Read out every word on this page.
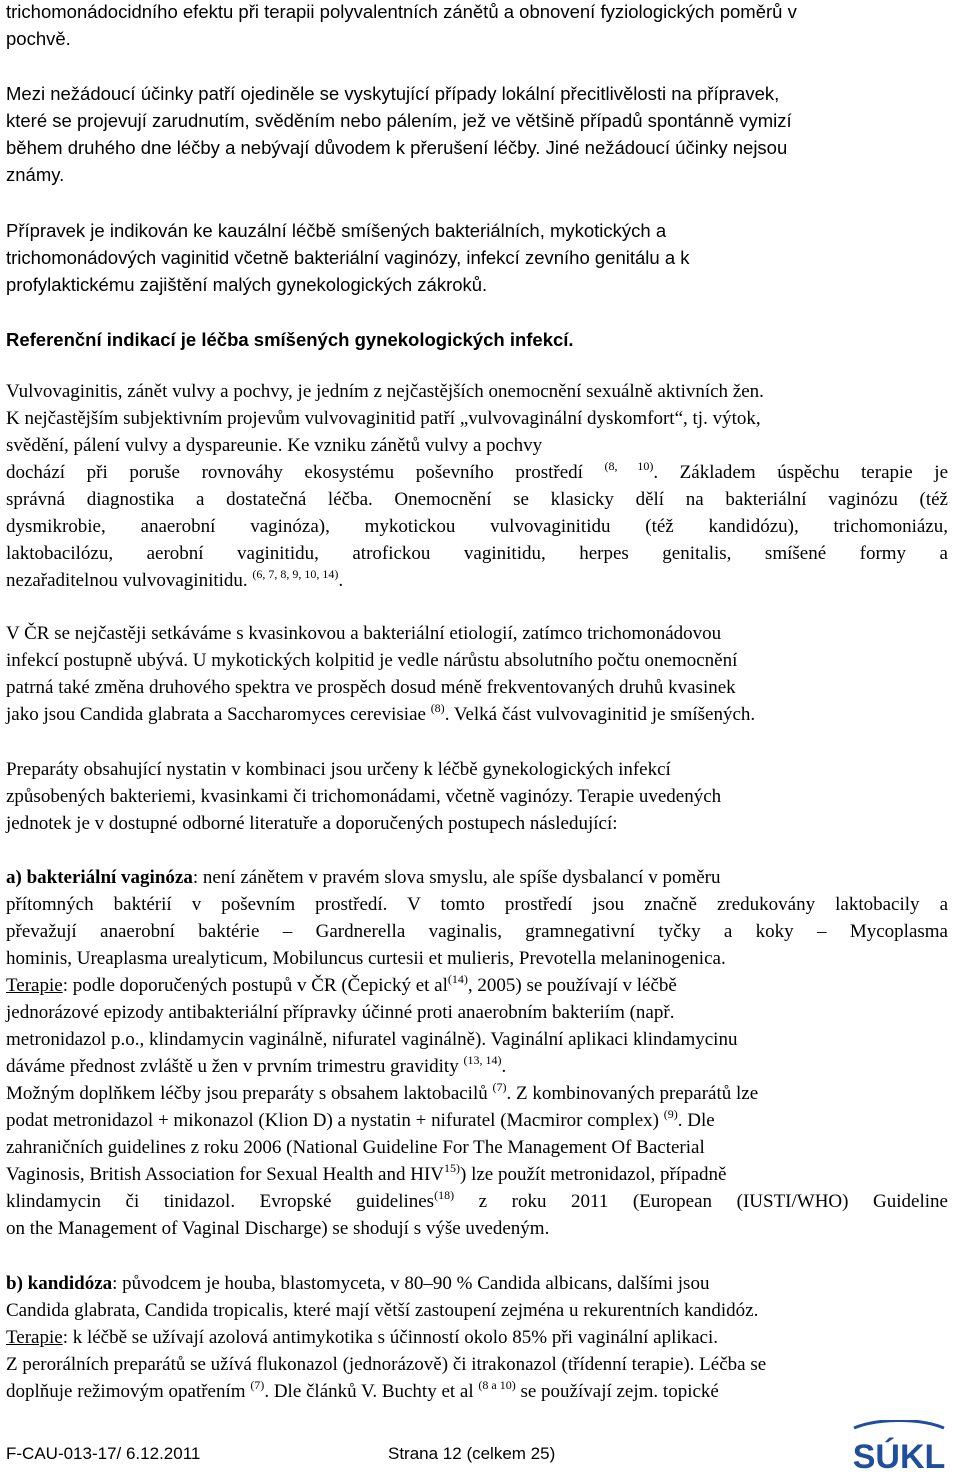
trichomonádocidního efektu při terapii polyvalentních zánětů a obnovení fyziologických poměrů v
pochvě.
Mezi nežádoucí účinky patří ojediněle se vyskytující případy lokální přecitlivělosti na přípravek,
které se projevují zarudnutím, svěděním nebo pálením, jež ve většině případů spontánně vymizí
během druhého dne léčby a nebývají důvodem k přerušení léčby. Jiné nežádoucí účinky nejsou
známy.
Přípravek je indikován ke kauzální léčbě smíšených bakteriálních, mykotických a
trichomonádových vaginitid včetně bakteriální vaginózy, infekcí zevního genitálu a k
profylaktickému zajištění malých gynekologických zákroků.
Referenční indikací je léčba smíšených gynekologických infekcí.
Vulvovaginitis, zánět vulvy a pochvy, je jedním z nejčastějších onemocnění sexuálně aktivních žen.
K nejčastějším subjektivním projevům vulvovaginitid patří „vulvovaginální dyskomfort“, tj. výtok,
svědění, pálení vulvy a dyspareunie. Ke vzniku zánětů vulvy a pochvy
dochází při poruše rovnováhy ekosystému poševního prostředí $^{(8, 10)}$. Základem úspěchu terapie je
správná diagnostika a dostatečná léčba. Onemocnění se klasicky dělí na bakteriální vaginózu (též
dysmikrobie, anaerobní vaginóza), mykotickou vulvovaginitidu (též kandidózu), trichomoniázu,
laktobacilózu, aerobní vaginitidu, atrofickou vaginitidu, herpes genitalis, smíšené formy a
nezařaditelnou vulvovaginitidu. $^{(6, 7, 8, 9, 10, 14)}$.
V ČR se nejčastěji setkáváme s kvasinkovou a bakteriální etiologií, zatímco trichomonádovou
infekcí postupně ubývá. U mykotických kolpitid je vedle nárůstu absolutního počtu onemocnění
patrná také změna druhového spektra ve prospěch dosud méně frekventovaných druhů kvasinek
jako jsou Candida glabrata a Saccharomyces cerevisiae $^{(8)}$. Velká část vulvovaginitid je smíšených.
Preparáty obsahující nystatin v kombinaci jsou určeny k léčbě gynekologických infekcí
způsobených bakteriemi, kvasinkami či trichomonádami, včetně vaginózy. Terapie uvedených
jednotek je v dostupné odborné literatuře a doporučených postupech následující:
a) bakteriální vaginóza: není zánětem v pravém slova smyslu, ale spíše dysbalancí v poměru
přítomných baktérií v poševním prostředí. V tomto prostředí jsou značně zredukovány laktobacily a
převažují anaerobní baktérie – Gardnerella vaginalis, gramnegativní tyčky a koky – Mycoplasma
hominis, Ureaplasma urealyticum, Mobiluncus curtesii et mulieris, Prevotella melaninogenica.
Terapie: podle doporučených postupů v ČR (Čepický et $al^{(14)}$, 2005) se používají v léčbě
jednorázové epizody antibakteriální přípravky účinné proti anaerobním bakteriím (např.
metronidazol p.o., klindamycin vaginálně, nifuratel vaginálně). Vaginální aplikaci klindamycinu
dáváme přednost zvláště u žen v prvním trimestru gravidity $^{(13, 14)}$.
Možným doplňkem léčby jsou preparáty s obsahem laktobacilů $^{(7)}$. Z kombinovaných preparátů lze
podat metronidazol + mikonazol (Klion D) a nystatin + nifuratel (Macmiror complex) $^{(9)}$. Dle
zahraničních guidelines z roku 2006 (National Guideline For The Management Of Bacterial
Vaginosis, British Association for Sexual Health and HIV$^{15)}$) lze použít metronidazol, případně
klindamycin či tinidazol. Evropské guidelines$^{(18)}$ z roku 2011 (European (IUSTI/WHO) Guideline
on the Management of Vaginal Discharge) se shodují s výše uvedeným.
b) kandidóza: původcem je houba, blastomyceta, v 80–90 % Candida albicans, dalšími jsou
Candida glabrata, Candida tropicalis, které mají větší zastoupení zejména u rekurentních kandidóz.
Terapie: k léčbě se užívají azolová antimykotika s účinností okolo 85% při vaginální aplikaci.
Z perorálních preparátů se užívá flukonazol (jednorázově) či itrakonazol (třídenní terapie). Léčba se
doplňuje režimovým opatřením $^{(7)}$. Dle článků V. Buchty et al $^{(8 a 10)}$ se používají zejm. topické
F-CAU-013-17/ 6.12.2011	Strana 12 (celkem 25)	SÚKL
